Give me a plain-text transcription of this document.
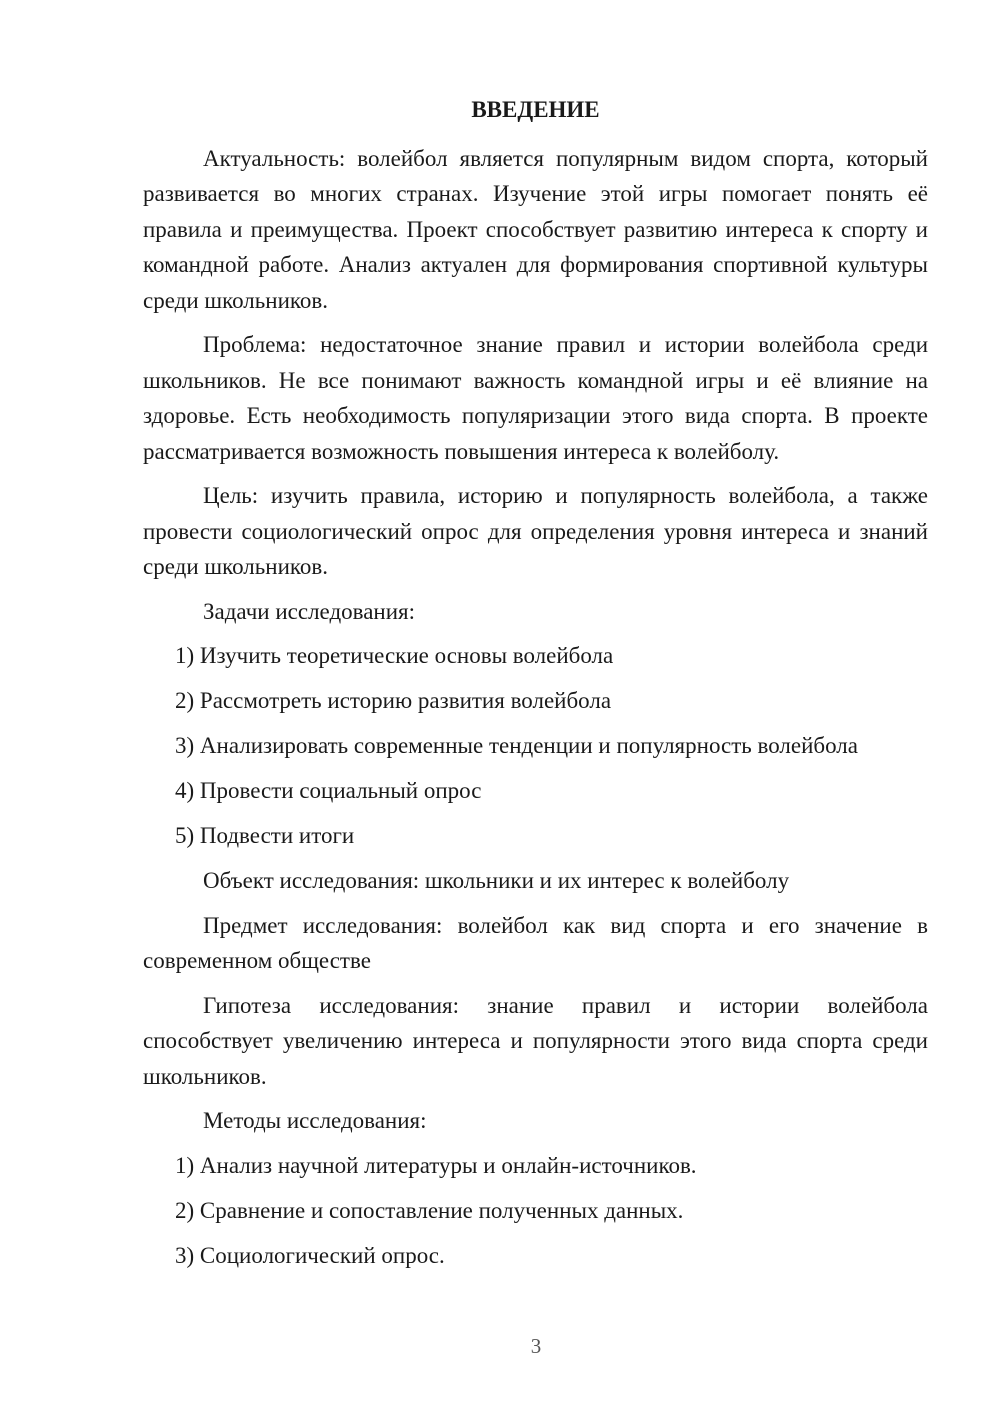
ВВЕДЕНИЕ

Актуальность: волейбол является популярным видом спорта, который развивается во многих странах. Изучение этой игры помогает понять её правила и преимущества. Проект способствует развитию интереса к спорту и командной работе. Анализ актуален для формирования спортивной культуры среди школьников.

Проблема: недостаточное знание правил и истории волейбола среди школьников. Не все понимают важность командной игры и её влияние на здоровье. Есть необходимость популяризации этого вида спорта. В проекте рассматривается возможность повышения интереса к волейболу.

Цель: изучить правила, историю и популярность волейбола, а также провести социологический опрос для определения уровня интереса и знаний среди школьников.

Задачи исследования:

1) Изучить теоретические основы волейбола
2) Рассмотреть историю развития волейбола
3) Анализировать современные тенденции и популярность волейбола
4) Провести социальный опрос
5) Подвести итоги

Объект исследования: школьники и их интерес к волейболу

Предмет исследования: волейбол как вид спорта и его значение в современном обществе

Гипотеза исследования: знание правил и истории волейбола способствует увеличению интереса и популярности этого вида спорта среди школьников.

Методы исследования:

1) Анализ научной литературы и онлайн-источников.
2) Сравнение и сопоставление полученных данных.
3) Социологический опрос.
3
